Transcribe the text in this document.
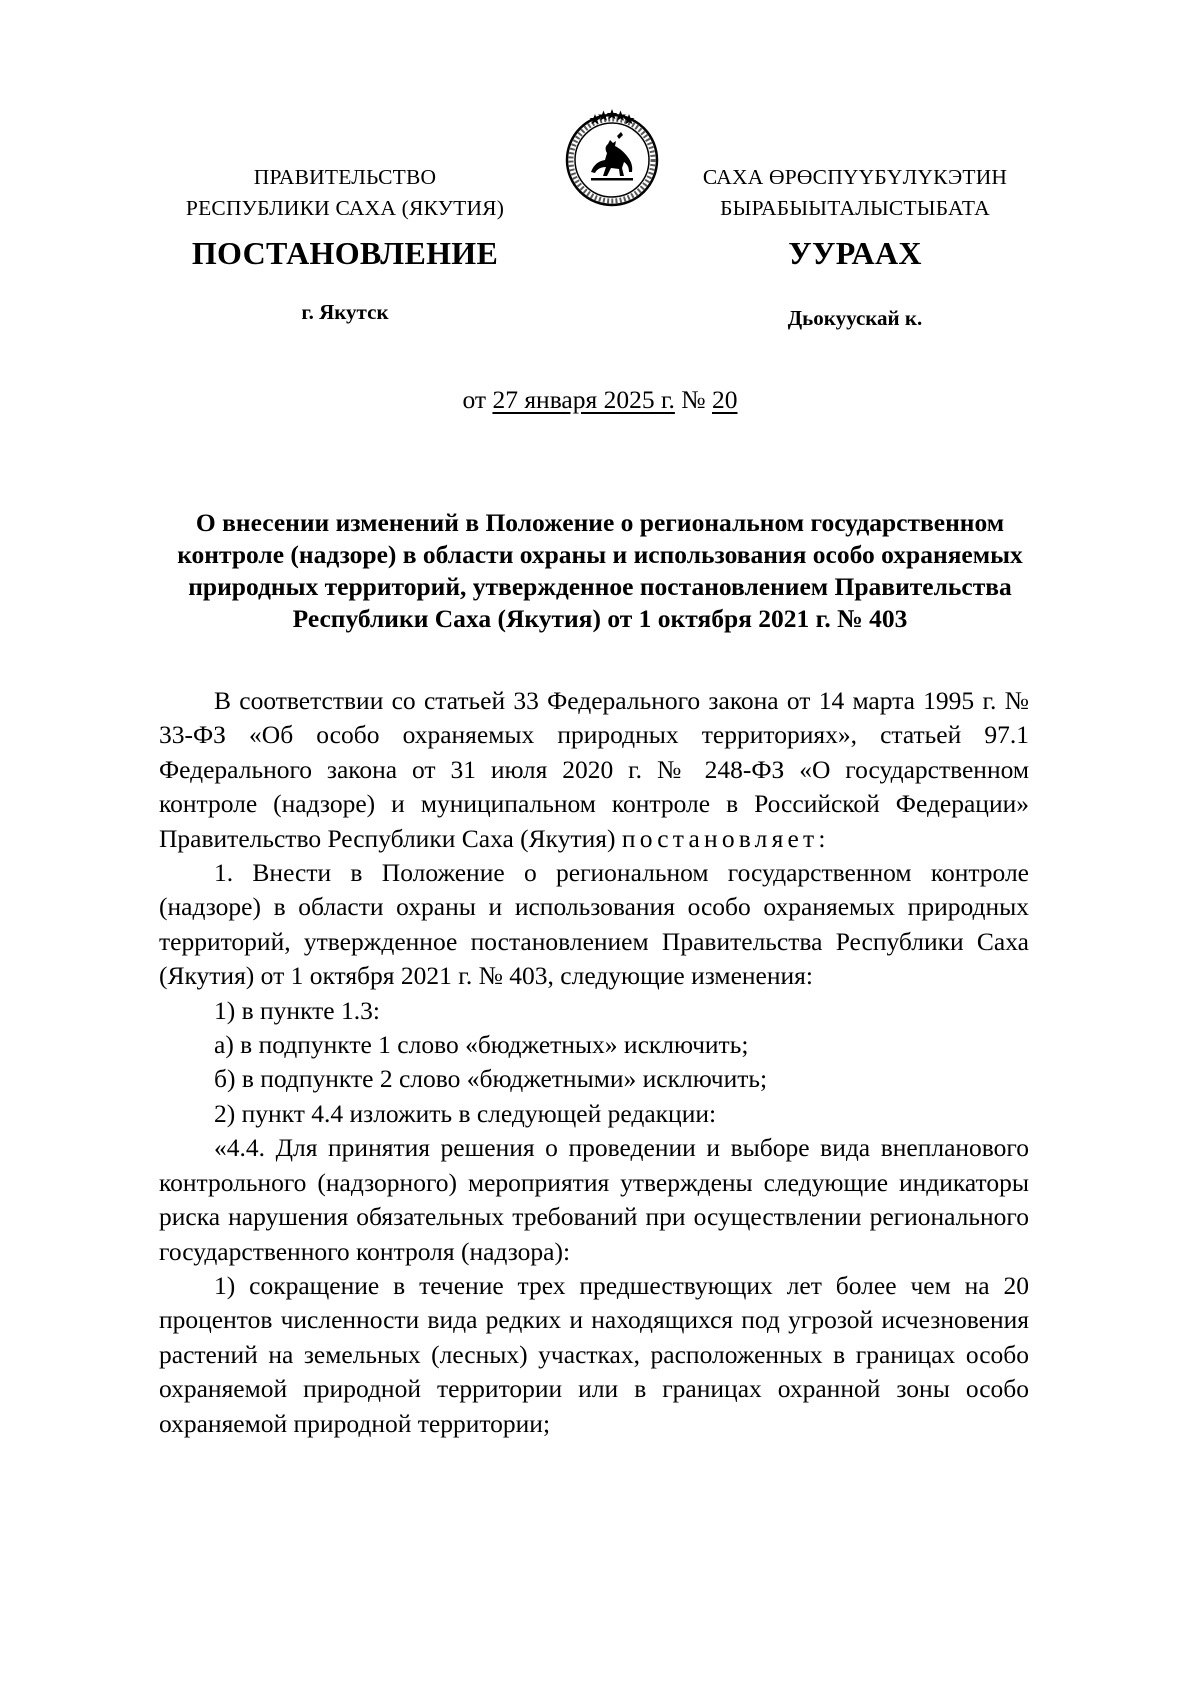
ПРАВИТЕЛЬСТВО
РЕСПУБЛИКИ САХА (ЯКУТИЯ)
САХА ӨРӨСПҮҮБҮЛҮКЭТИН
БЫРАБЫЫТАЛЫСТЫБАТА
ПОСТАНОВЛЕНИЕ	УУРААХ
г. Якутск	Дьокуускай к.
от 27 января 2025 г. № 20
О внесении изменений в Положение о региональном государственном
контроле (надзоре) в области охраны и использования особо охраняемых
природных территорий, утвержденное постановлением Правительства
Республики Саха (Якутия) от 1 октября 2021 г. № 403

В соответствии со статьей 33 Федерального закона от 14 марта 1995 г. № 33-ФЗ «Об особо охраняемых природных территориях», статьей 97.1 Федерального закона от 31 июля 2020 г. № 248-ФЗ «О государственном контроле (надзоре) и муниципальном контроле в Российской Федерации» Правительство Республики Саха (Якутия) постановляет:

1. Внести в Положение о региональном государственном контроле (надзоре) в области охраны и использования особо охраняемых природных территорий, утвержденное постановлением Правительства Республики Саха (Якутия) от 1 октября 2021 г. № 403, следующие изменения:

1) в пункте 1.3:

а) в подпункте 1 слово «бюджетных» исключить;

б) в подпункте 2 слово «бюджетными» исключить;

2) пункт 4.4 изложить в следующей редакции:

«4.4. Для принятия решения о проведении и выборе вида внепланового контрольного (надзорного) мероприятия утверждены следующие индикаторы риска нарушения обязательных требований при осуществлении регионального государственного контроля (надзора):

1) сокращение в течение трех предшествующих лет более чем на 20 процентов численности вида редких и находящихся под угрозой исчезновения растений на земельных (лесных) участках, расположенных в границах особо охраняемой природной территории или в границах охранной зоны особо охраняемой природной территории;
